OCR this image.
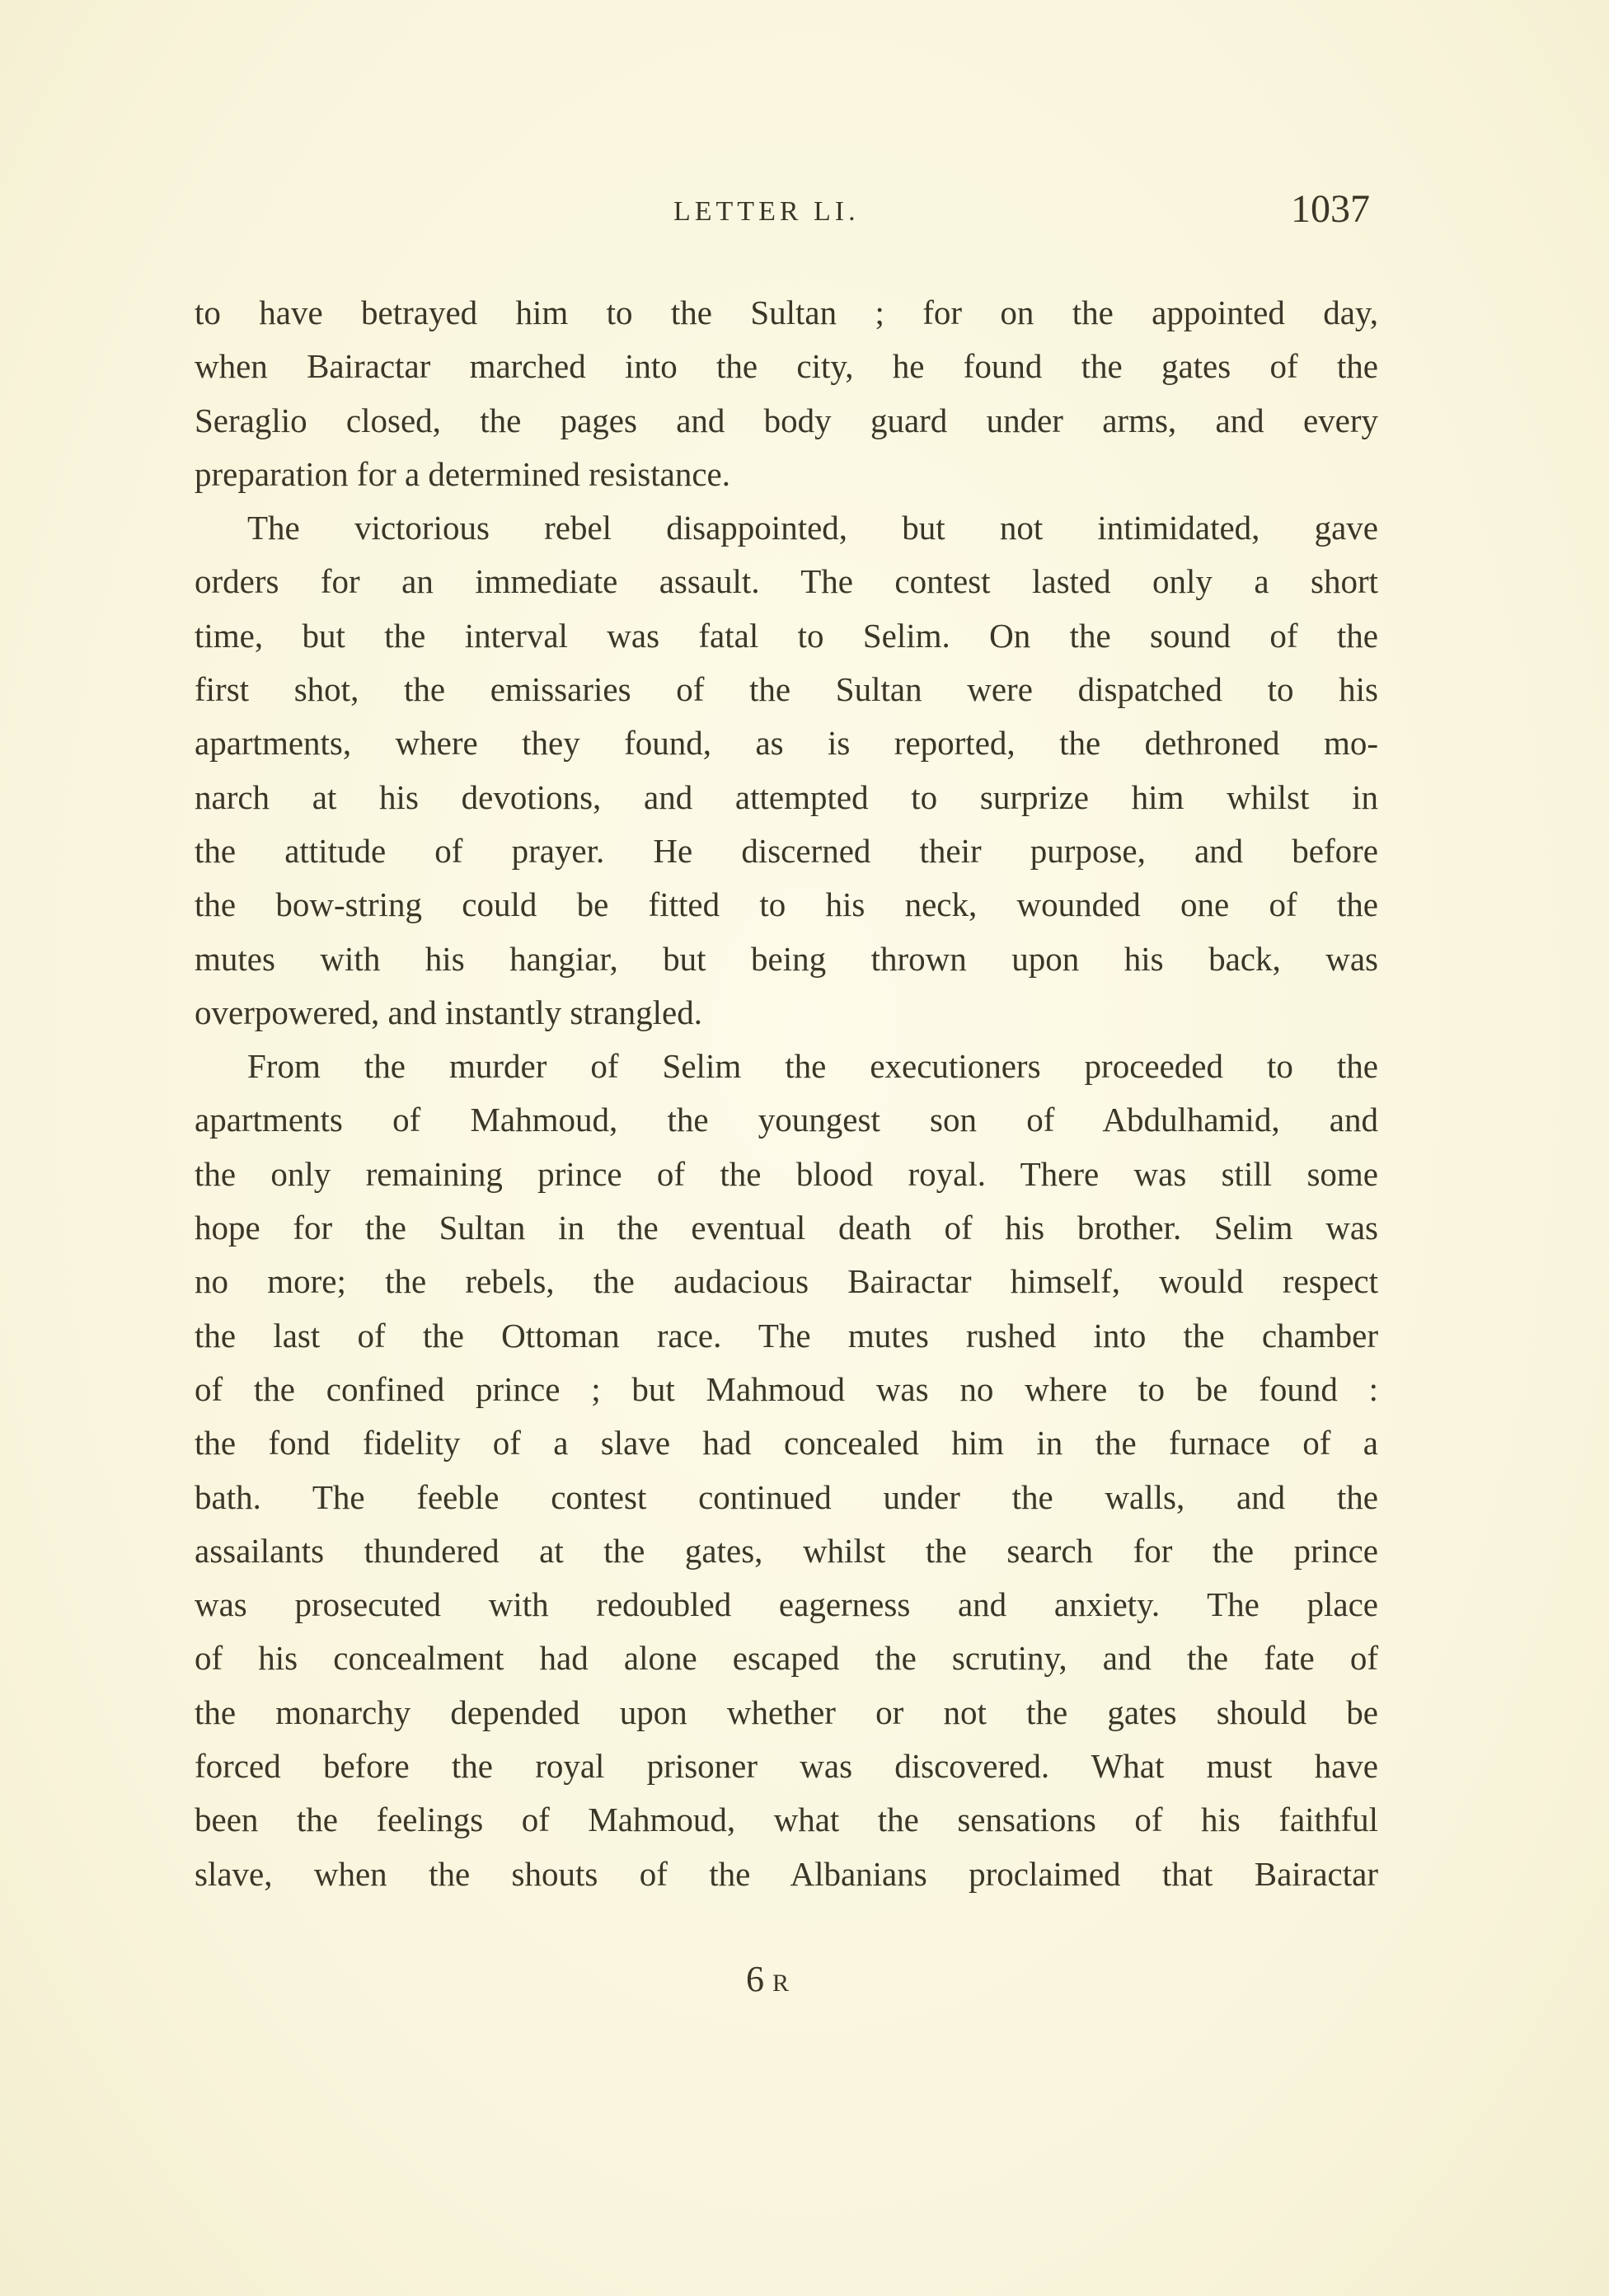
LETTER LI.	1037
to have betrayed him to the Sultan ; for on the appointed day,
when Bairactar marched into the city, he found the gates of the
Seraglio closed, the pages and body guard under arms, and every
preparation for a determined resistance.
The victorious rebel disappointed, but not intimidated, gave
orders for an immediate assault. The contest lasted only a short
time, but the interval was fatal to Selim. On the sound of the
first shot, the emissaries of the Sultan were dispatched to his
apartments, where they found, as is reported, the dethroned mo-
narch at his devotions, and attempted to surprize him whilst in
the attitude of prayer. He discerned their purpose, and before
the bow-string could be fitted to his neck, wounded one of the
mutes with his hangiar, but being thrown upon his back, was
overpowered, and instantly strangled.
From the murder of Selim the executioners proceeded to the
apartments of Mahmoud, the youngest son of Abdulhamid, and
the only remaining prince of the blood royal. There was still some
hope for the Sultan in the eventual death of his brother. Selim was
no more; the rebels, the audacious Bairactar himself, would respect
the last of the Ottoman race. The mutes rushed into the chamber
of the confined prince ; but Mahmoud was no where to be found :
the fond fidelity of a slave had concealed him in the furnace of a
bath. The feeble contest continued under the walls, and the
assailants thundered at the gates, whilst the search for the prince
was prosecuted with redoubled eagerness and anxiety. The place
of his concealment had alone escaped the scrutiny, and the fate of
the monarchy depended upon whether or not the gates should be
forced before the royal prisoner was discovered. What must have
been the feelings of Mahmoud, what the sensations of his faithful
slave, when the shouts of the Albanians proclaimed that Bairactar
6 R
